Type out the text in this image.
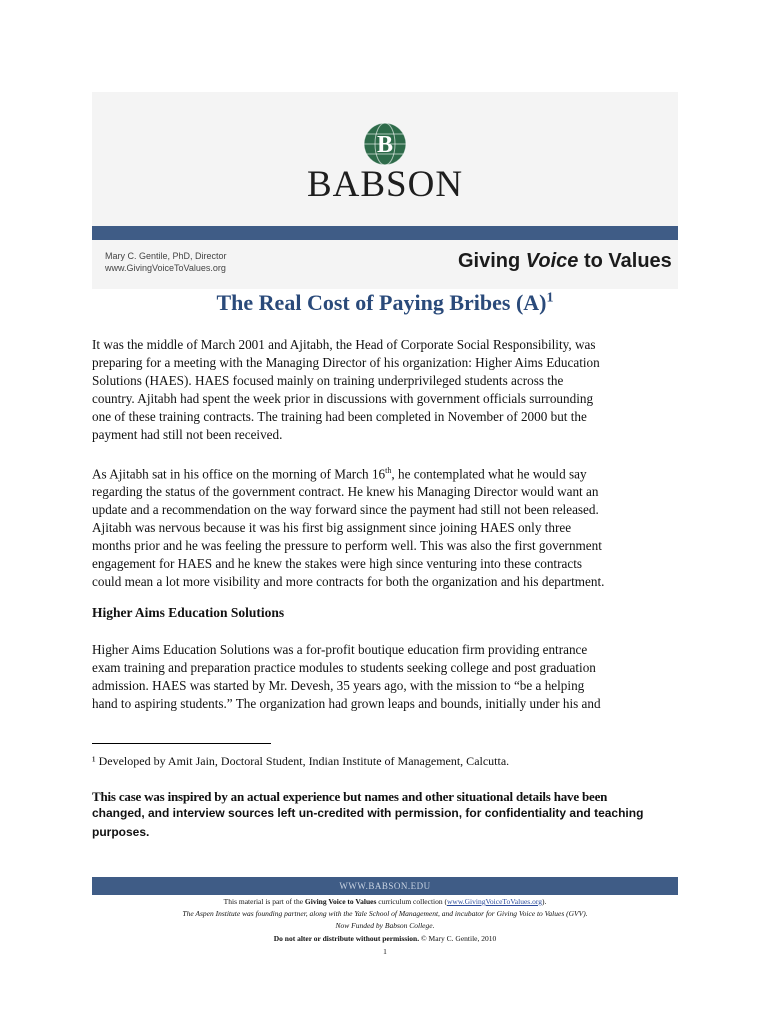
B
BABSON
Mary C. Gentile, PhD, Director
www.GivingVoiceToValues.org	Giving Voice to Values
The Real Cost of Paying Bribes $(A)^1$
It was the middle of March 2001 and Ajitabh, the Head of Corporate Social Responsibility, was
preparing for a meeting with the Managing Director of his organization: Higher Aims Education
Solutions (HAES). HAES focused mainly on training underprivileged students across the
country. Ajitabh had spent the week prior in discussions with government officials surrounding
one of these training contracts. The training had been completed in November of 2000 but the
payment had still not been received.
As Ajitabh sat in his office on the morning of March 16th, he contemplated what he would say
regarding the status of the government contract. He knew his Managing Director would want an
update and a recommendation on the way forward since the payment had still not been released.
Ajitabh was nervous because it was his first big assignment since joining HAES only three
months prior and he was feeling the pressure to perform well. This was also the first government
engagement for HAES and he knew the stakes were high since venturing into these contracts
could mean a lot more visibility and more contracts for both the organization and his department.
Higher Aims Education Solutions
Higher Aims Education Solutions was a for-profit boutique education firm providing entrance
exam training and preparation practice modules to students seeking college and post graduation
admission. HAES was started by Mr. Devesh, 35 years ago, with the mission to “be a helping
hand to aspiring students.” The organization had grown leaps and bounds, initially under his and
¹ Developed by Amit Jain, Doctoral Student, Indian Institute of Management, Calcutta.
This case was inspired by an actual experience but names and other situational details have been
changed, and interview sources left un-credited with permission, for confidentiality and teaching
purposes.
WWW.BABSON.EDU
This material is part of the Giving Voice to Values curriculum collection (www.GivingVoiceToValues.org).
The Aspen Institute was founding partner, along with the Yale School of Management, and incubator for Giving Voice to Values (GVV).
Now Funded by Babson College.
Do not alter or distribute without permission. © Mary C. Gentile, 2010
1
